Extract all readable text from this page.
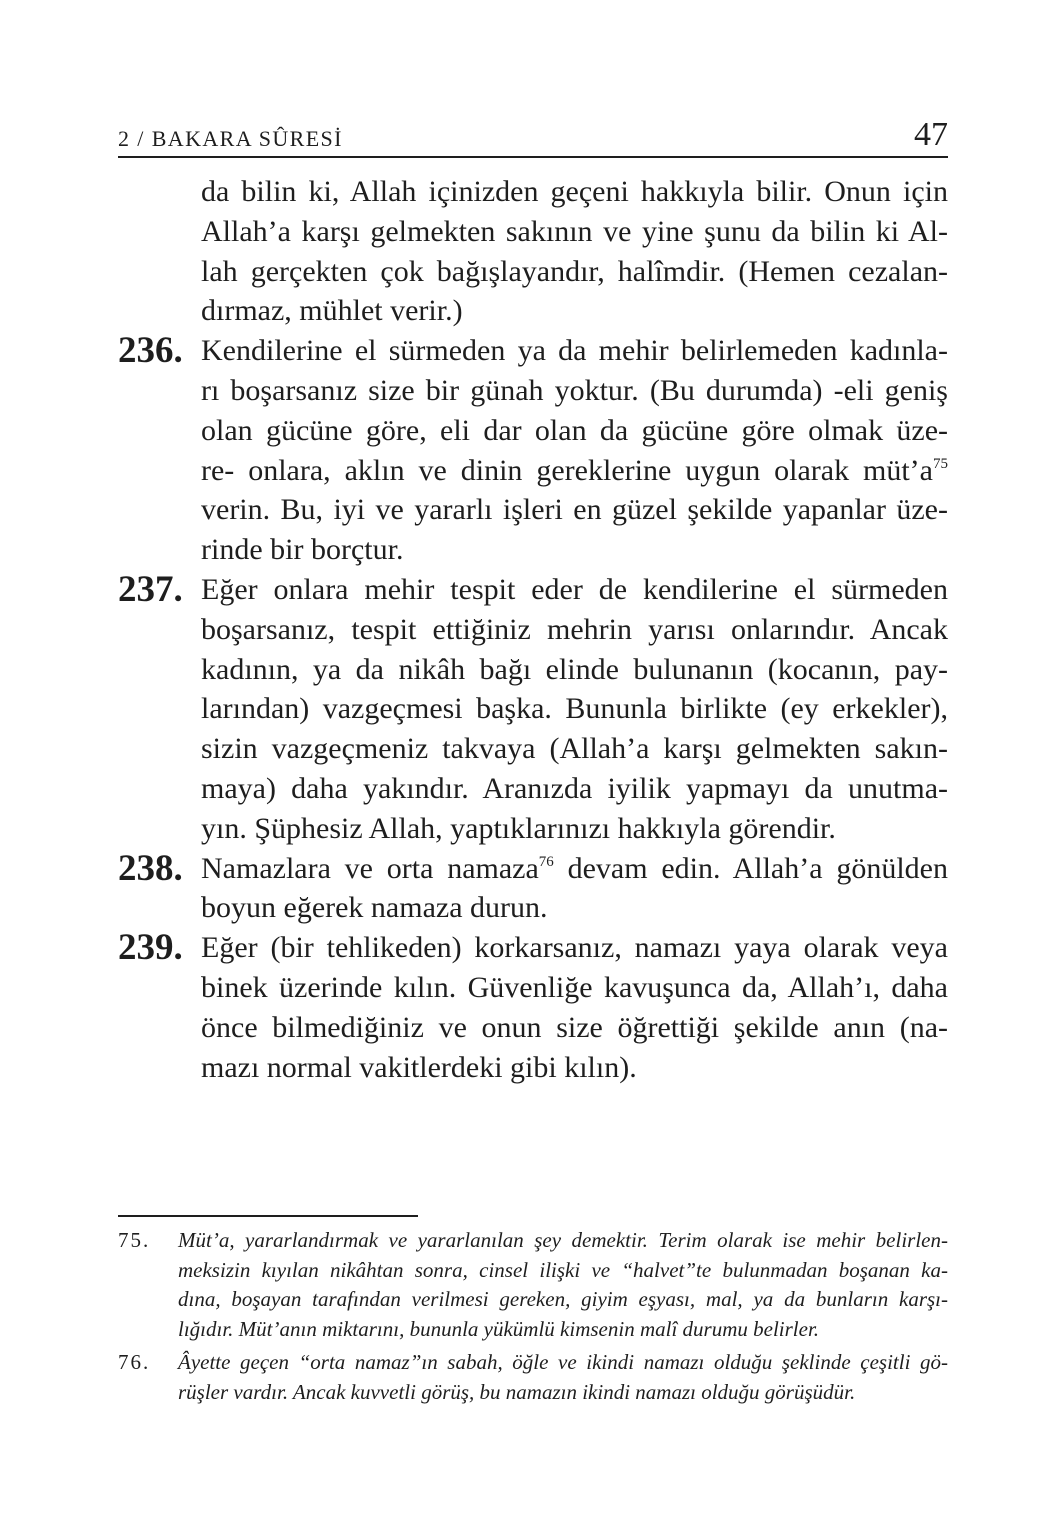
2 / BAKARA SÛRESİ	47
da bilin ki, Allah içinizden geçeni hakkıyla bilir. Onun için
Allah’a karşı gelmekten sakının ve yine şunu da bilin ki Al-
lah gerçekten çok bağışlayandır, halîmdir. (Hemen cezalan-
dırmaz, mühlet verir.)
236. Kendilerine el sürmeden ya da mehir belirlemeden kadınla-
rı boşarsanız size bir günah yoktur. (Bu durumda) -eli geniş
olan gücüne göre, eli dar olan da gücüne göre olmak üze-
re- onlara, aklın ve dinin gereklerine uygun olarak $müt’a^{75}$
verin. Bu, iyi ve yararlı işleri en güzel şekilde yapanlar üze-
rinde bir borçtur.
237. Eğer onlara mehir tespit eder de kendilerine el sürmeden
boşarsanız, tespit ettiğiniz mehrin yarısı onlarındır. Ancak
kadının, ya da nikâh bağı elinde bulunanın (kocanın, pay-
larından) vazgeçmesi başka. Bununla birlikte (ey erkekler),
sizin vazgeçmeniz takvaya (Allah’a karşı gelmekten sakın-
maya) daha yakındır. Aranızda iyilik yapmayı da unutma-
yın. Şüphesiz Allah, yaptıklarınızı hakkıyla görendir.
238. Namazlara ve orta namaza$^{76}$ devam edin. Allah’a gönülden
boyun eğerek namaza durun.
239. Eğer (bir tehlikeden) korkarsanız, namazı yaya olarak veya
binek üzerinde kılın. Güvenliğe kavuşunca da, Allah’ı, daha
önce bilmediğiniz ve onun size öğrettiği şekilde anın (na-
mazı normal vakitlerdeki gibi kılın).
75. Müt’a, yararlandırmak ve yararlanılan şey demektir. Terim olarak ise mehir belirlen-
meksizin kıyılan nikâhtan sonra, cinsel ilişki ve “halvet”te bulunmadan boşanan ka-
dına, boşayan tarafından verilmesi gereken, giyim eşyası, mal, ya da bunların karşı-
lığıdır. Müt’anın miktarını, bununla yükümlü kimsenin malî durumu belirler.
76. Âyette geçen “orta namaz”ın sabah, öğle ve ikindi namazı olduğu şeklinde çeşitli gö-
rüşler vardır. Ancak kuvvetli görüş, bu namazın ikindi namazı olduğu görüşüdür.
